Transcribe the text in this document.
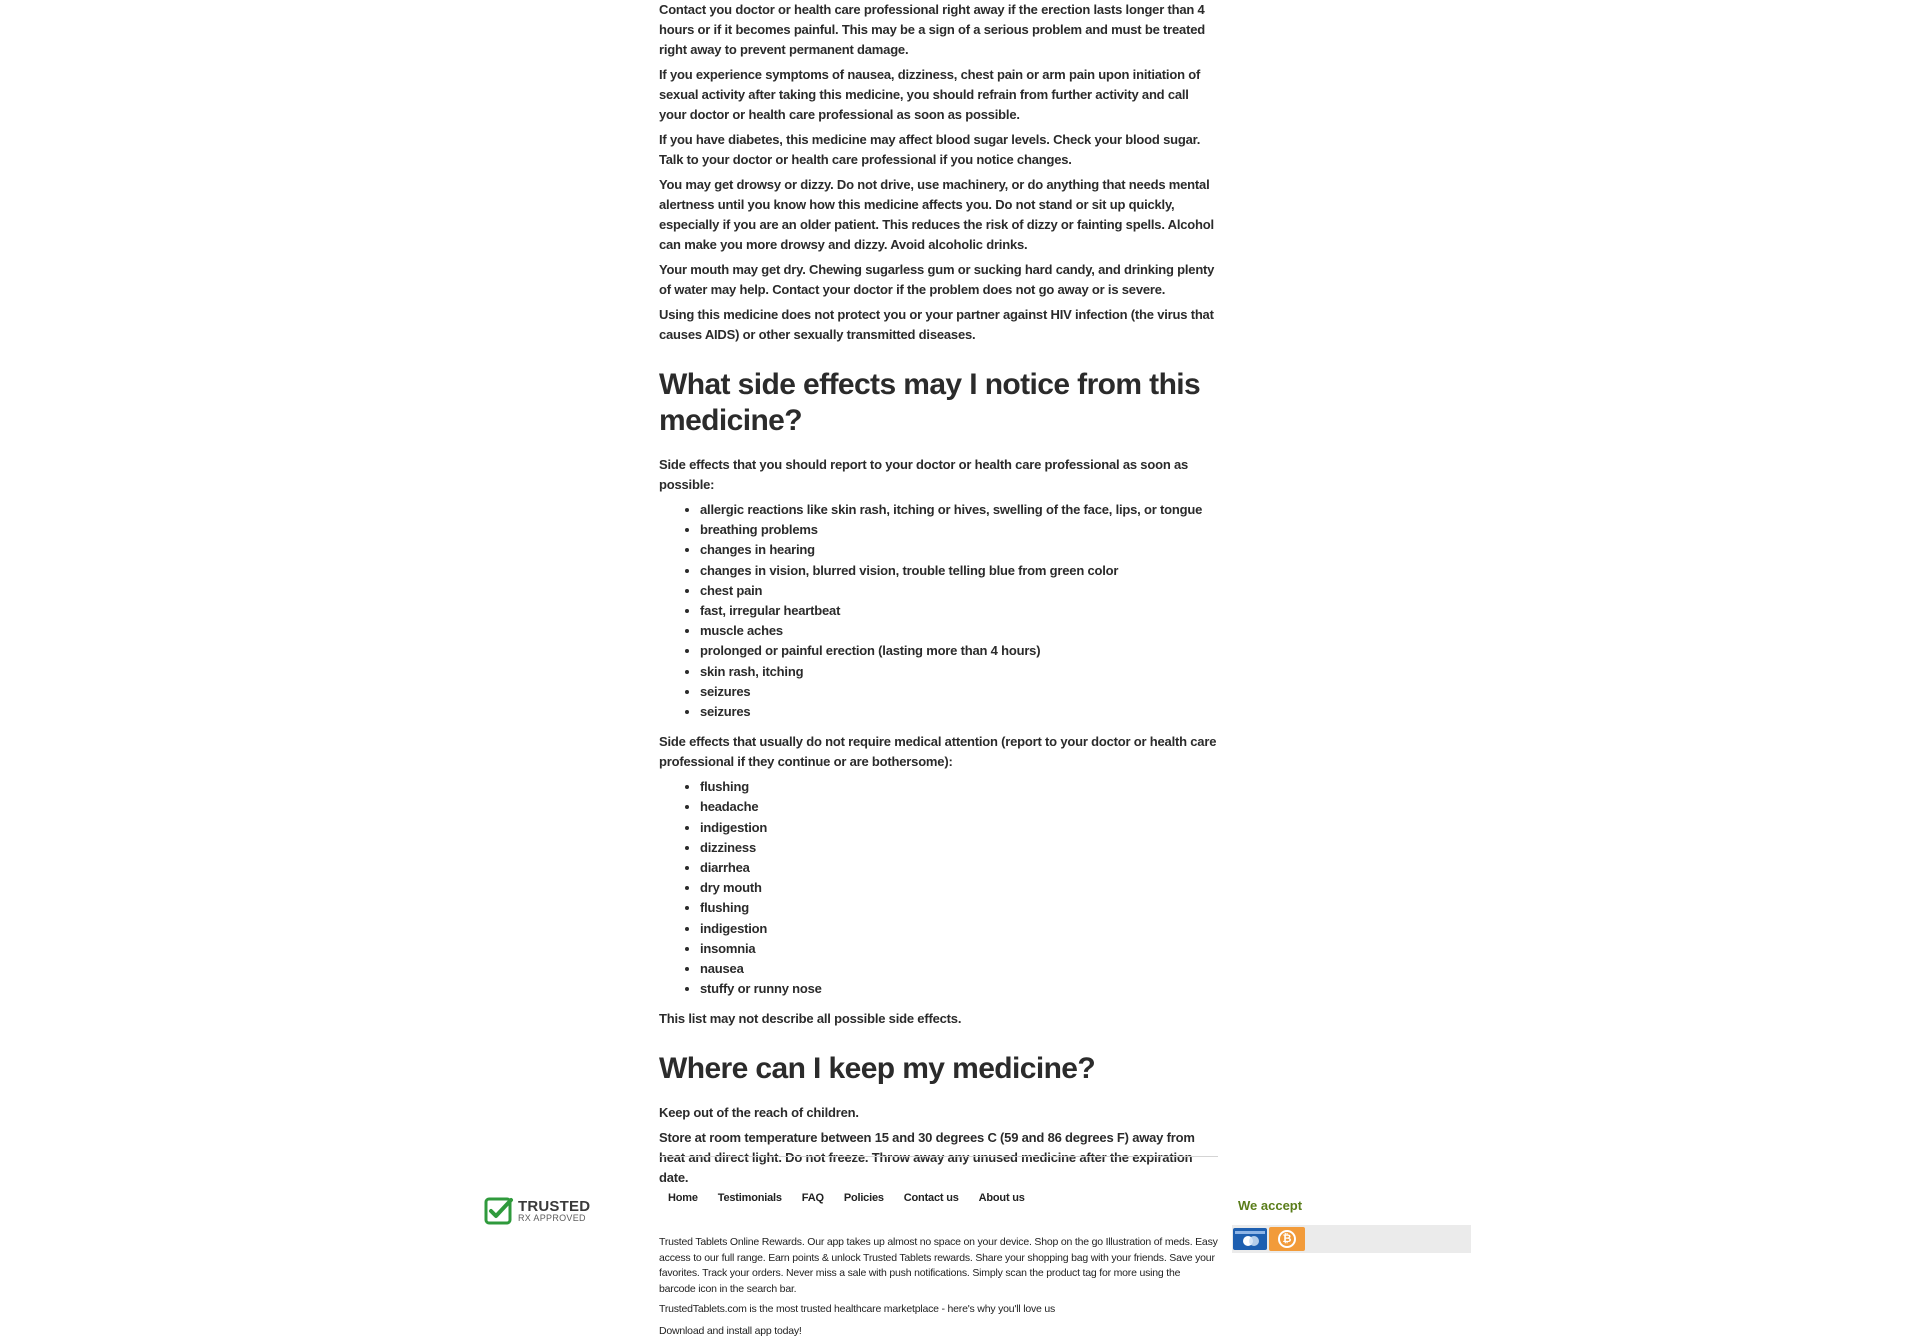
Contact you doctor or health care professional right away if the erection lasts longer than 4 hours or if it becomes painful. This may be a sign of a serious problem and must be treated right away to prevent permanent damage.

If you experience symptoms of nausea, dizziness, chest pain or arm pain upon initiation of sexual activity after taking this medicine, you should refrain from further activity and call your doctor or health care professional as soon as possible.

If you have diabetes, this medicine may affect blood sugar levels. Check your blood sugar. Talk to your doctor or health care professional if you notice changes.

You may get drowsy or dizzy. Do not drive, use machinery, or do anything that needs mental alertness until you know how this medicine affects you. Do not stand or sit up quickly, especially if you are an older patient. This reduces the risk of dizzy or fainting spells. Alcohol can make you more drowsy and dizzy. Avoid alcoholic drinks.

Your mouth may get dry. Chewing sugarless gum or sucking hard candy, and drinking plenty of water may help. Contact your doctor if the problem does not go away or is severe.

Using this medicine does not protect you or your partner against HIV infection (the virus that causes AIDS) or other sexually transmitted diseases.

What side effects may I notice from this medicine?

Side effects that you should report to your doctor or health care professional as soon as possible:

• allergic reactions like skin rash, itching or hives, swelling of the face, lips, or tongue
• breathing problems
• changes in hearing
• changes in vision, blurred vision, trouble telling blue from green color
• chest pain
• fast, irregular heartbeat
• muscle aches
• prolonged or painful erection (lasting more than 4 hours)
• skin rash, itching
• seizures
• seizures

Side effects that usually do not require medical attention (report to your doctor or health care professional if they continue or are bothersome):

• flushing
• headache
• indigestion
• dizziness
• diarrhea
• dry mouth
• flushing
• indigestion
• insomnia
• nausea
• stuffy or runny nose

This list may not describe all possible side effects.

Where can I keep my medicine?

Keep out of the reach of children.

Store at room temperature between 15 and 30 degrees C (59 and 86 degrees F) away from heat and direct light. Do not freeze. Throw away any unused medicine after the expiration date.

TRUSTED
RX APPROVED
Home Testimonials FAQ Policies Contact us About us

Trusted Tablets Online Rewards. Our app takes up almost no space on your device. Shop on the go Illustration of meds. Easy access to our full range. Earn points & unlock Trusted Tablets rewards. Share your shopping bag with your friends. Save your favorites. Track your orders. Never miss a sale with push notifications. Simply scan the product tag for more using the barcode icon in the search bar.

TrustedTablets.com is the most trusted healthcare marketplace - here's why you'll love us

Download and install app today!

We accept
₿
